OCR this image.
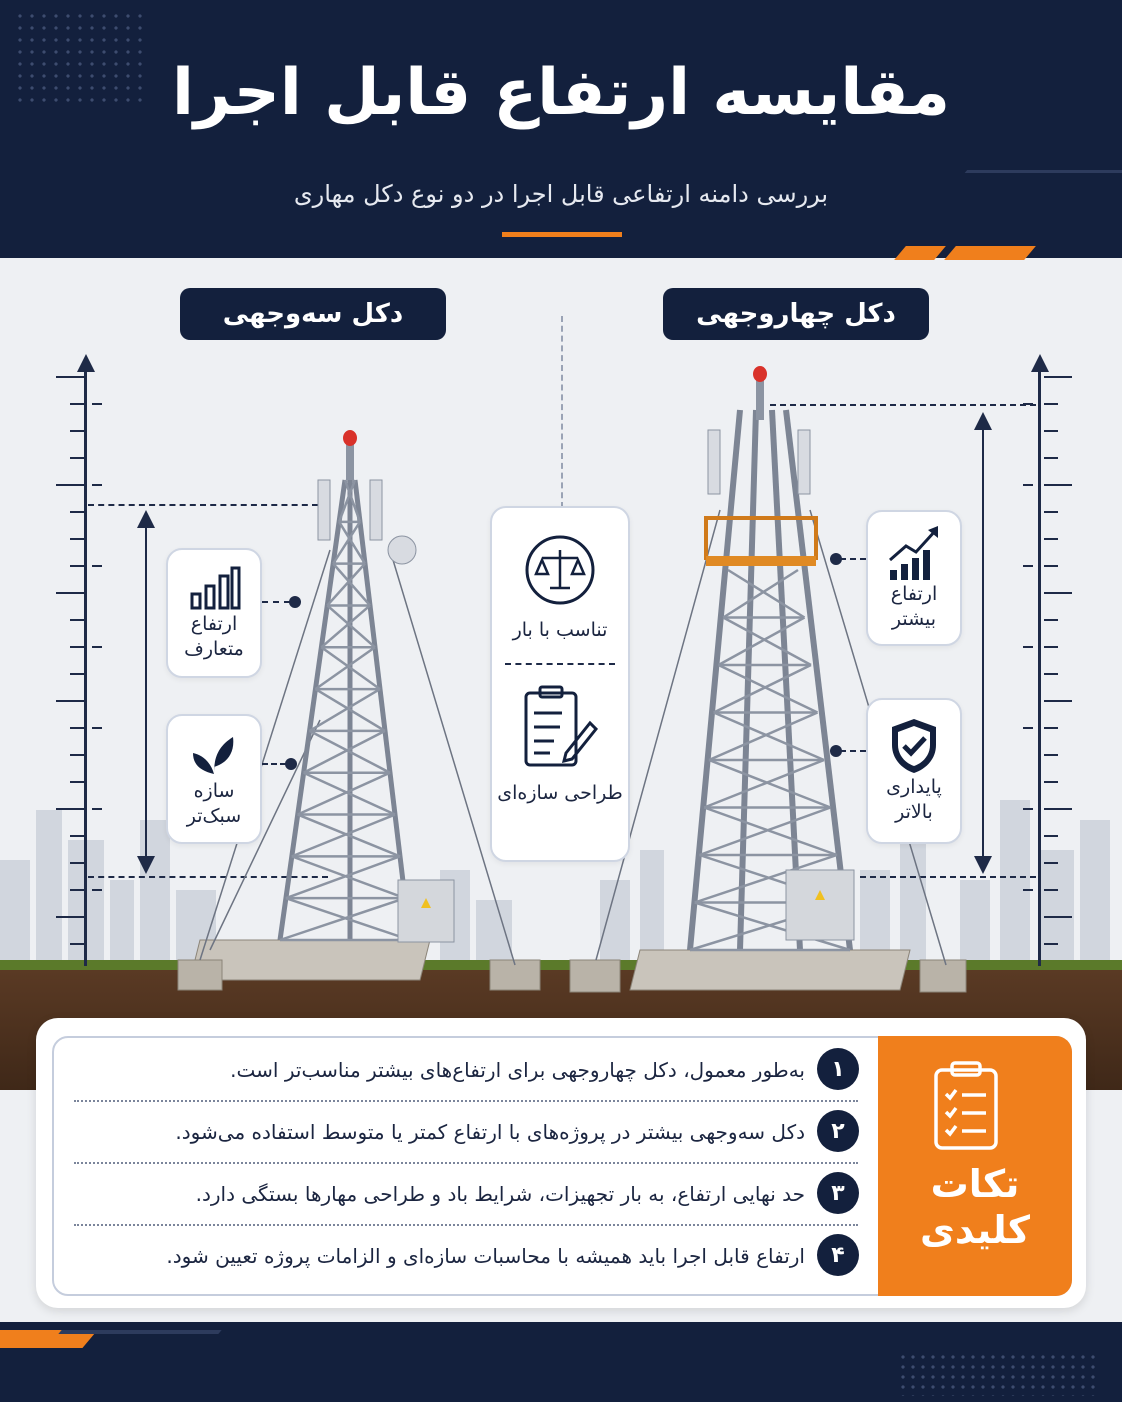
مقایسه ارتفاع قابل اجرا
بررسی دامنه ارتفاعی قابل اجرا در دو نوع دکل مهاری
دکل سه‌وجهی	دکل چهاروجهی
ارتفاع متعارف
سازه سبک‌تر
تناسب با بار
طراحی سازه‌ای
ارتفاع بیشتر
پایداری بالاتر
تکات
کلیدی
۱
به‌طور معمول، دکل چهاروجهی برای ارتفاع‌های بیشتر مناسب‌تر است.
۲
دکل سه‌وجهی بیشتر در پروژه‌های با ارتفاع کمتر یا متوسط استفاده می‌شود.
۳
حد نهایی ارتفاع، به بار تجهیزات، شرایط باد و طراحی مهارها بستگی دارد.
۴
ارتفاع قابل اجرا باید همیشه با محاسبات سازه‌ای و الزامات پروژه تعیین شود.
